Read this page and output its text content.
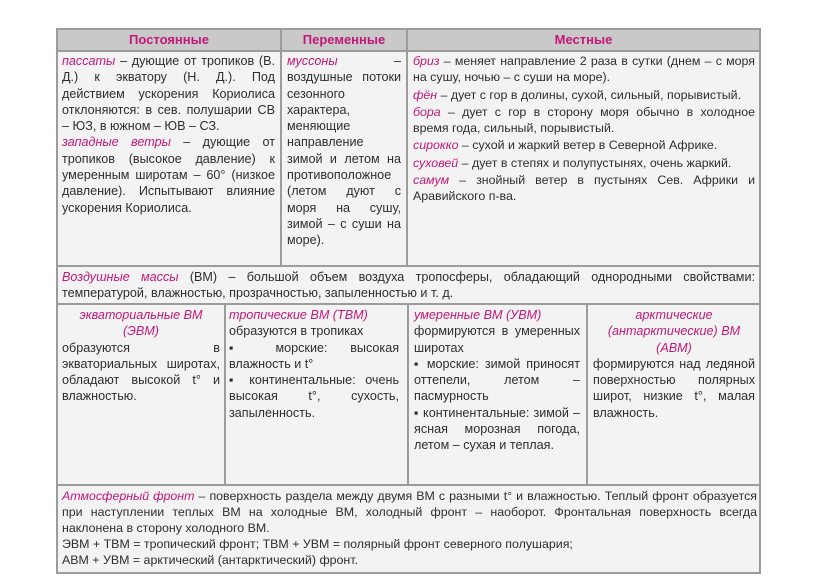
Постоянные	Переменные	Местные
пассаты – дующие от тропиков (В. Д.) к экватору (Н. Д.). Под действием ускорения Кориолиса отклоняются: в сев. полушарии СВ – ЮЗ, в южном – ЮВ – СЗ.
западные ветры – дующие от тропиков (высокое давление) к умеренным широтам – 60° (низкое давление). Испытывают влияние ускорения Кориолиса.
муссоны – воздушные потоки сезонного характера, меняющие направление зимой и летом на противоположное (летом дуют с моря на сушу, зимой – с суши на море).
бриз – меняет направление 2 раза в сутки (днем – с моря на сушу, ночью – с суши на море).
фён – дует с гор в долины, сухой, сильный, порывистый.
бора – дует с гор в сторону моря обычно в холодное время года, сильный, порывистый.
сирокко – сухой и жаркий ветер в Северной Африке.
суховей – дует в степях и полупустынях, очень жаркий.
самум – знойный ветер в пустынях Сев. Африки и Аравийского п-ва.
Воздушные массы (ВМ) – большой объем воздуха тропосферы, обладающий однородными свойствами: температурой, влажностью, прозрачностью, запыленностью и т. д.
экваториальные ВМ (ЭВМ)
образуются в экваториальных широтах, обладают высокой t° и влажностью.
тропические ВМ (ТВМ)
образуются в тропиках
▪ морские: высокая влажность и t°
▪ континентальные: очень высокая t°, сухость, запыленность.
умеренные ВМ (УВМ)
формируются в умеренных широтах
▪ морские: зимой приносят оттепели, летом – пасмурность
▪ континентальные: зимой – ясная морозная погода, летом – сухая и теплая.
арктические (антарктические) ВМ (АВМ)
формируются над ледяной поверхностью полярных широт, низкие t°, малая влажность.
Атмосферный фронт – поверхность раздела между двумя ВМ с разными t° и влажностью. Теплый фронт образуется при наступлении теплых ВМ на холодные ВМ, холодный фронт – наоборот. Фронтальная поверхность всегда наклонена в сторону холодного ВМ.
ЭВМ + ТВМ = тропический фронт; ТВМ + УВМ = полярный фронт северного полушария;
АВМ + УВМ = арктический (антарктический) фронт.
